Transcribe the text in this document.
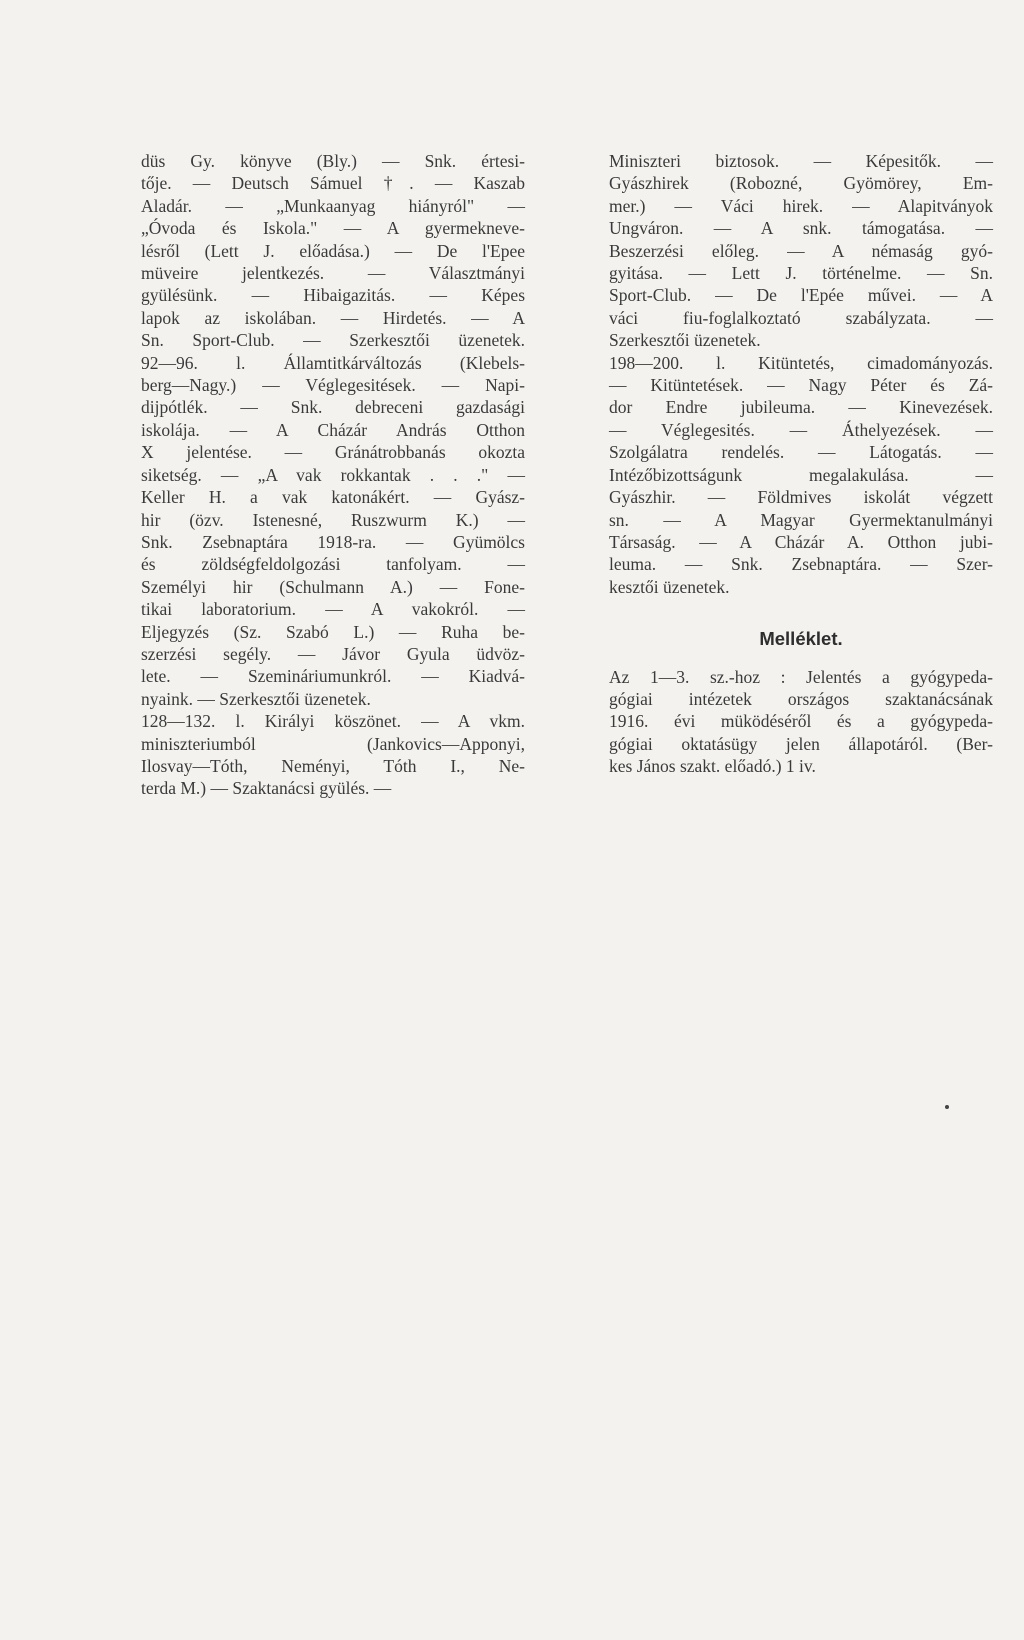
düs Gy. könyve (Bly.) — Snk. értesi-
tője. — Deutsch Sámuel †. — Kaszab
Aladár. — „Munkaanyag hiányról" —
„Óvoda és Iskola." — A gyermekneve-
lésről (Lett J. előadása.) — De l'Epee
müveire jelentkezés. — Választmányi
gyülésünk. — Hibaigazitás. — Képes
lapok az iskolában. — Hirdetés. — A
Sn. Sport-Club. — Szerkesztői üzenetek.
92—96. l. Államtitkárváltozás (Klebels-
berg—Nagy.) — Véglegesitések. — Napi-
dijpótlék. — Snk. debreceni gazdasági
iskolája. — A Cházár András Otthon
X jelentése. — Gránátrobbanás okozta
siketség. — „A vak rokkantak . . ." —
Keller H. a vak katonákért. — Gyász-
hir (özv. Istenesné, Ruszwurm K.) —
Snk. Zsebnaptára 1918-ra. — Gyümölcs
és zöldségfeldolgozási tanfolyam. —
Személyi hir (Schulmann A.) — Fone-
tikai laboratorium. — A vakokról. —
Eljegyzés (Sz. Szabó L.) — Ruha be-
szerzési segély. — Jávor Gyula üdvöz-
lete. — Szemináriumunkról. — Kiadvá-
nyaink. — Szerkesztői üzenetek.
128—132. l. Királyi köszönet. — A vkm.
miniszteriumból (Jankovics—Apponyi,
Ilosvay—Tóth, Neményi, Tóth I., Ne-
terda M.) — Szaktanácsi gyülés. —
Miniszteri biztosok. — Képesitők. —
Gyászhirek (Robozné, Gyömörey, Em-
mer.) — Váci hirek. — Alapitványok
Ungváron. — A snk. támogatása. —
Beszerzési előleg. — A némaság gyó-
gyitása. — Lett J. történelme. — Sn.
Sport-Club. — De l'Epée művei. — A
váci fiu-foglalkoztató szabályzata. —
Szerkesztői üzenetek.
198—200. l. Kitüntetés, cimadományozás.
— Kitüntetések. — Nagy Péter és Zá-
dor Endre jubileuma. — Kinevezések.
— Véglegesités. — Áthelyezések. —
Szolgálatra rendelés. — Látogatás. —
Intézőbizottságunk megalakulása. —
Gyászhir. — Földmives iskolát végzett
sn. — A Magyar Gyermektanulmányi
Társaság. — A Cházár A. Otthon jubi-
leuma. — Snk. Zsebnaptára. — Szer-
kesztői üzenetek.
Melléklet.
Az 1—3. sz.-hoz : Jelentés a gyógypeda-
gógiai intézetek országos szaktanácsának
1916. évi müködéséről és a gyógypeda-
gógiai oktatásügy jelen állapotáról. (Ber-
kes János szakt. előadó.) 1 iv.
